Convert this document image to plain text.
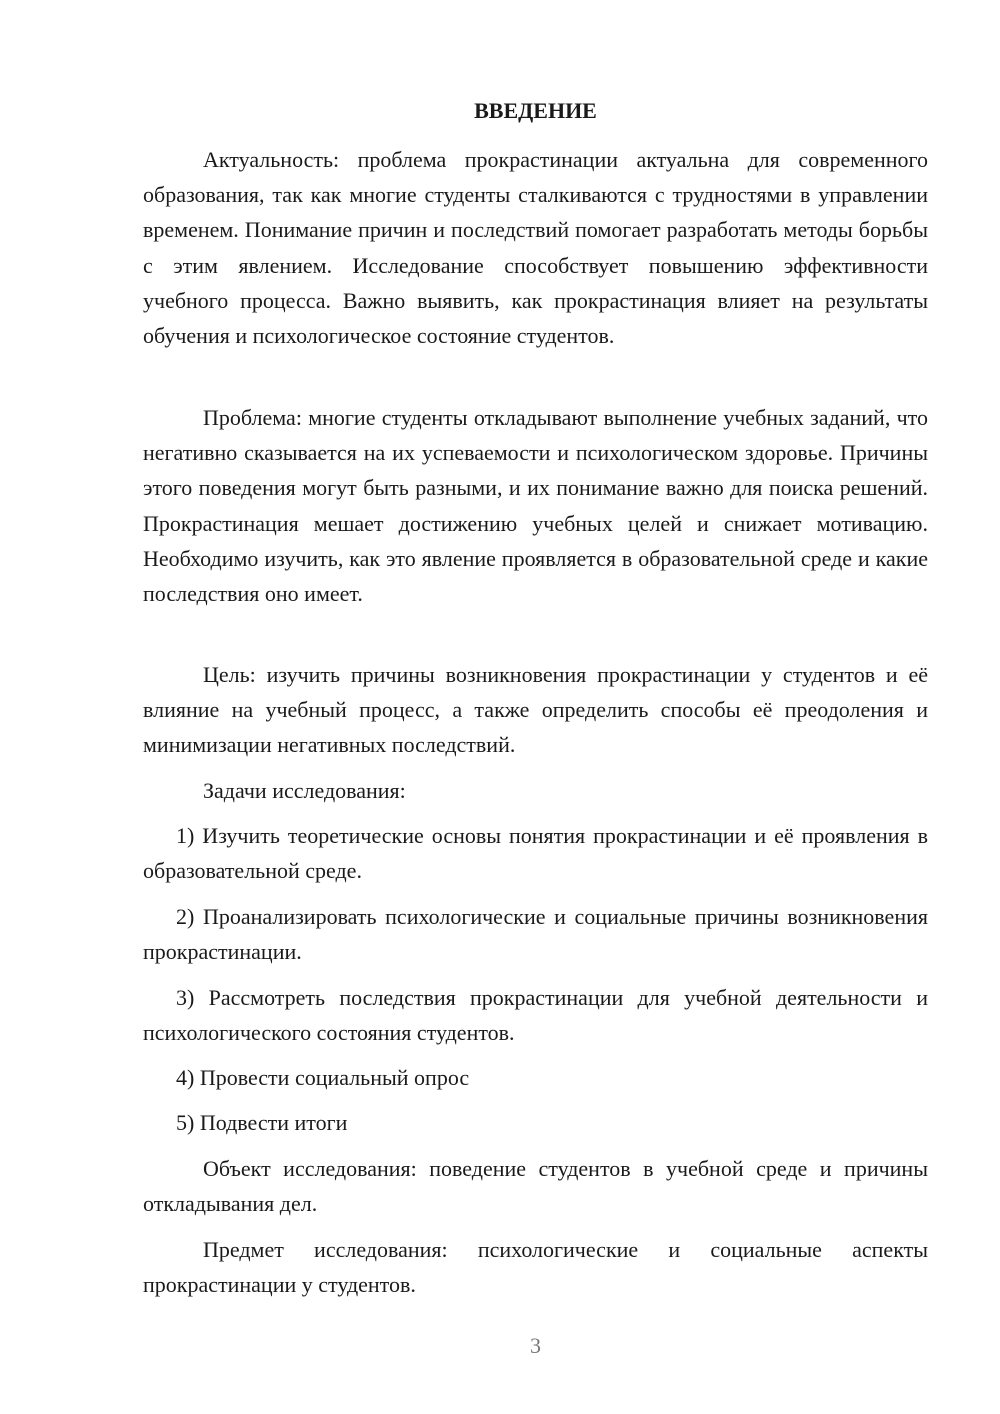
ВВЕДЕНИЕ

Актуальность: проблема прокрастинации актуальна для современного образования, так как многие студенты сталкиваются с трудностями в управлении временем. Понимание причин и последствий помогает разработать методы борьбы с этим явлением. Исследование способствует повышению эффективности учебного процесса. Важно выявить, как прокрастинация влияет на результаты обучения и психологическое состояние студентов.

Проблема: многие студенты откладывают выполнение учебных заданий, что негативно сказывается на их успеваемости и психологическом здоровье. Причины этого поведения могут быть разными, и их понимание важно для поиска решений. Прокрастинация мешает достижению учебных целей и снижает мотивацию. Необходимо изучить, как это явление проявляется в образовательной среде и какие последствия оно имеет.

Цель: изучить причины возникновения прокрастинации у студентов и её влияние на учебный процесс, а также определить способы её преодоления и минимизации негативных последствий.

Задачи исследования:

1) Изучить теоретические основы понятия прокрастинации и её проявления в образовательной среде.

2) Проанализировать психологические и социальные причины возникновения прокрастинации.

3) Рассмотреть последствия прокрастинации для учебной деятельности и психологического состояния студентов.

4) Провести социальный опрос

5) Подвести итоги

Объект исследования: поведение студентов в учебной среде и причины откладывания дел.

Предмет исследования: психологические и социальные аспекты прокрастинации у студентов.

3
